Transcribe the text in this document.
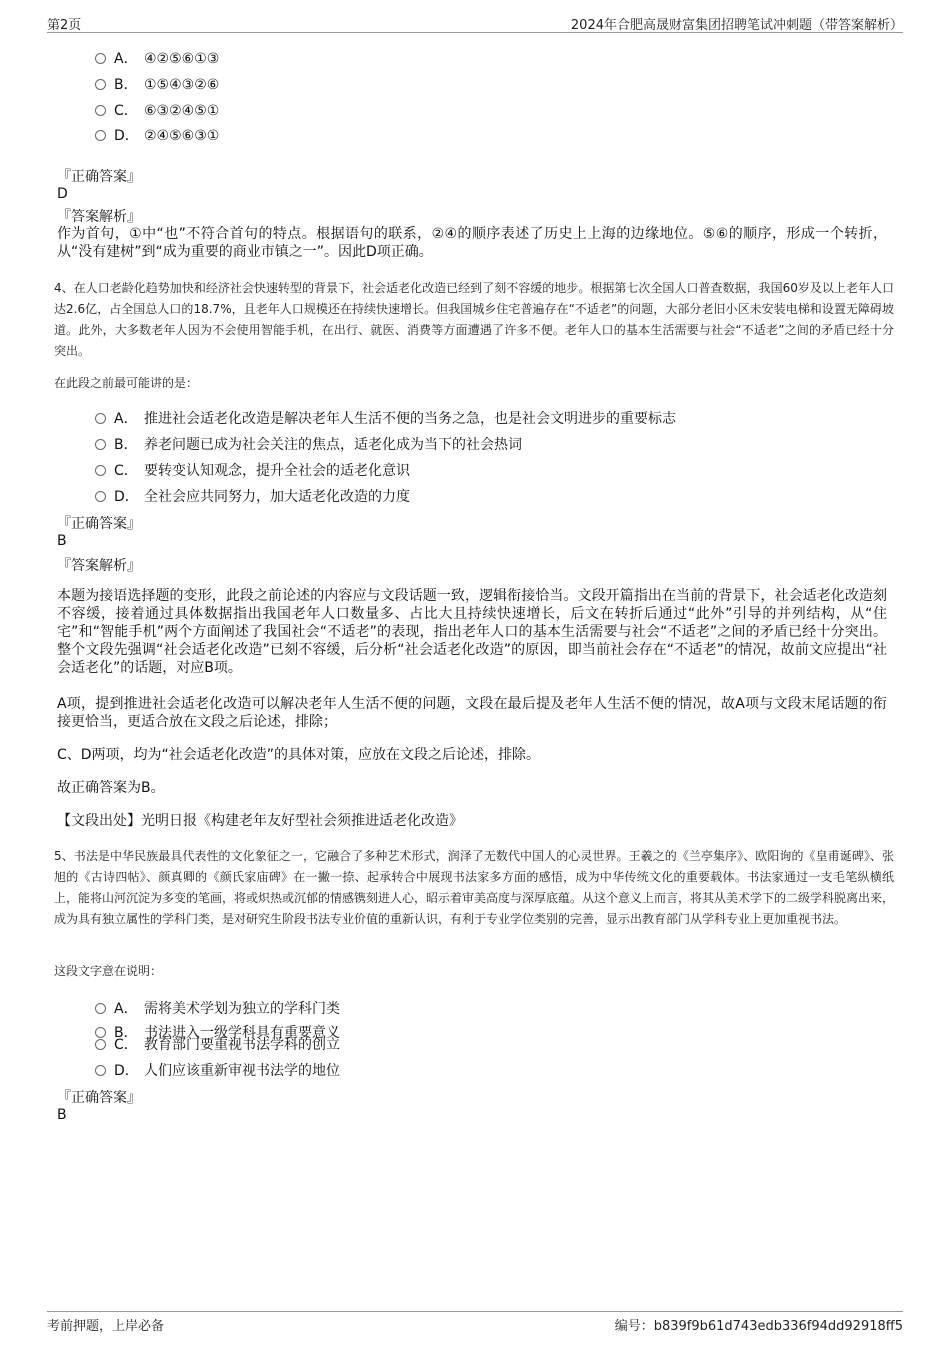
第2页	2024年合肥高晟财富集团招聘笔试冲刺题（带答案解析）
A． ④②⑤⑥①③
B． ①⑤④③②⑥
C． ⑥③②④⑤①
D． ②④⑤⑥③①
『正确答案』
D
『答案解析』
作为首句，①中“也”不符合首句的特点。根据语句的联系，②④的顺序表述了历史上上海的边缘地位。⑤⑥的顺序，形成一个转折，从“没有建树”到“成为重要的商业市镇之一”。因此D项正确。
4、在人口老龄化趋势加快和经济社会快速转型的背景下，社会适老化改造已经到了刻不容缓的地步。根据第七次全国人口普查数据，我国60岁及以上老年人口达2.6亿，占全国总人口的18.7%，且老年人口规模还在持续快速增长。但我国城乡住宅普遍存在“不适老”的问题，大部分老旧小区未安装电梯和设置无障碍坡道。此外，大多数老年人因为不会使用智能手机，在出行、就医、消费等方面遭遇了许多不便。老年人口的基本生活需要与社会“不适老”之间的矛盾已经十分突出。
在此段之前最可能讲的是：
A． 推进社会适老化改造是解决老年人生活不便的当务之急，也是社会文明进步的重要标志
B． 养老问题已成为社会关注的焦点，适老化成为当下的社会热词
C． 要转变认知观念，提升全社会的适老化意识
D． 全社会应共同努力，加大适老化改造的力度
『正确答案』
B
『答案解析』
本题为接语选择题的变形，此段之前论述的内容应与文段话题一致，逻辑衔接恰当。文段开篇指出在当前的背景下，社会适老化改造刻不容缓，接着通过具体数据指出我国老年人口数量多、占比大且持续快速增长，后文在转折后通过“此外”引导的并列结构，从“住宅”和“智能手机”两个方面阐述了我国社会“不适老”的表现，指出老年人口的基本生活需要与社会“不适老”之间的矛盾已经十分突出。整个文段先强调“社会适老化改造”已刻不容缓，后分析“社会适老化改造”的原因，即当前社会存在“不适老”的情况，故前文应提出“社会适老化”的话题，对应B项。
A项，提到推进社会适老化改造可以解决老年人生活不便的问题，文段在最后提及老年人生活不便的情况，故A项与文段末尾话题的衔接更恰当，更适合放在文段之后论述，排除；
C、D两项，均为“社会适老化改造”的具体对策，应放在文段之后论述，排除。
故正确答案为B。
【文段出处】光明日报《构建老年友好型社会须推进适老化改造》
5、书法是中华民族最具代表性的文化象征之一，它融合了多种艺术形式，润泽了无数代中国人的心灵世界。王羲之的《兰亭集序》、欧阳询的《皇甫诞碑》、张旭的《古诗四帖》、颜真卿的《颜氏家庙碑》在一撇一捺、起承转合中展现书法家多方面的感悟，成为中华传统文化的重要载体。书法家通过一支毛笔纵横纸上，能将山河沉淀为多变的笔画，将或炽热或沉郁的情感镌刻进人心，昭示着审美高度与深厚底蕴。从这个意义上而言，将其从美术学下的二级学科脱离出来，成为具有独立属性的学科门类，是对研究生阶段书法专业价值的重新认识，有利于专业学位类别的完善，显示出教育部门从学科专业上更加重视书法。
这段文字意在说明：
A． 需将美术学划为独立的学科门类
B． 书法进入一级学科具有重要意义
C． 教育部门要重视书法学科的创立
D． 人们应该重新审视书法学的地位
『正确答案』
B
考前押题，上岸必备	编号：b839f9b61d743edb336f94dd92918ff5
